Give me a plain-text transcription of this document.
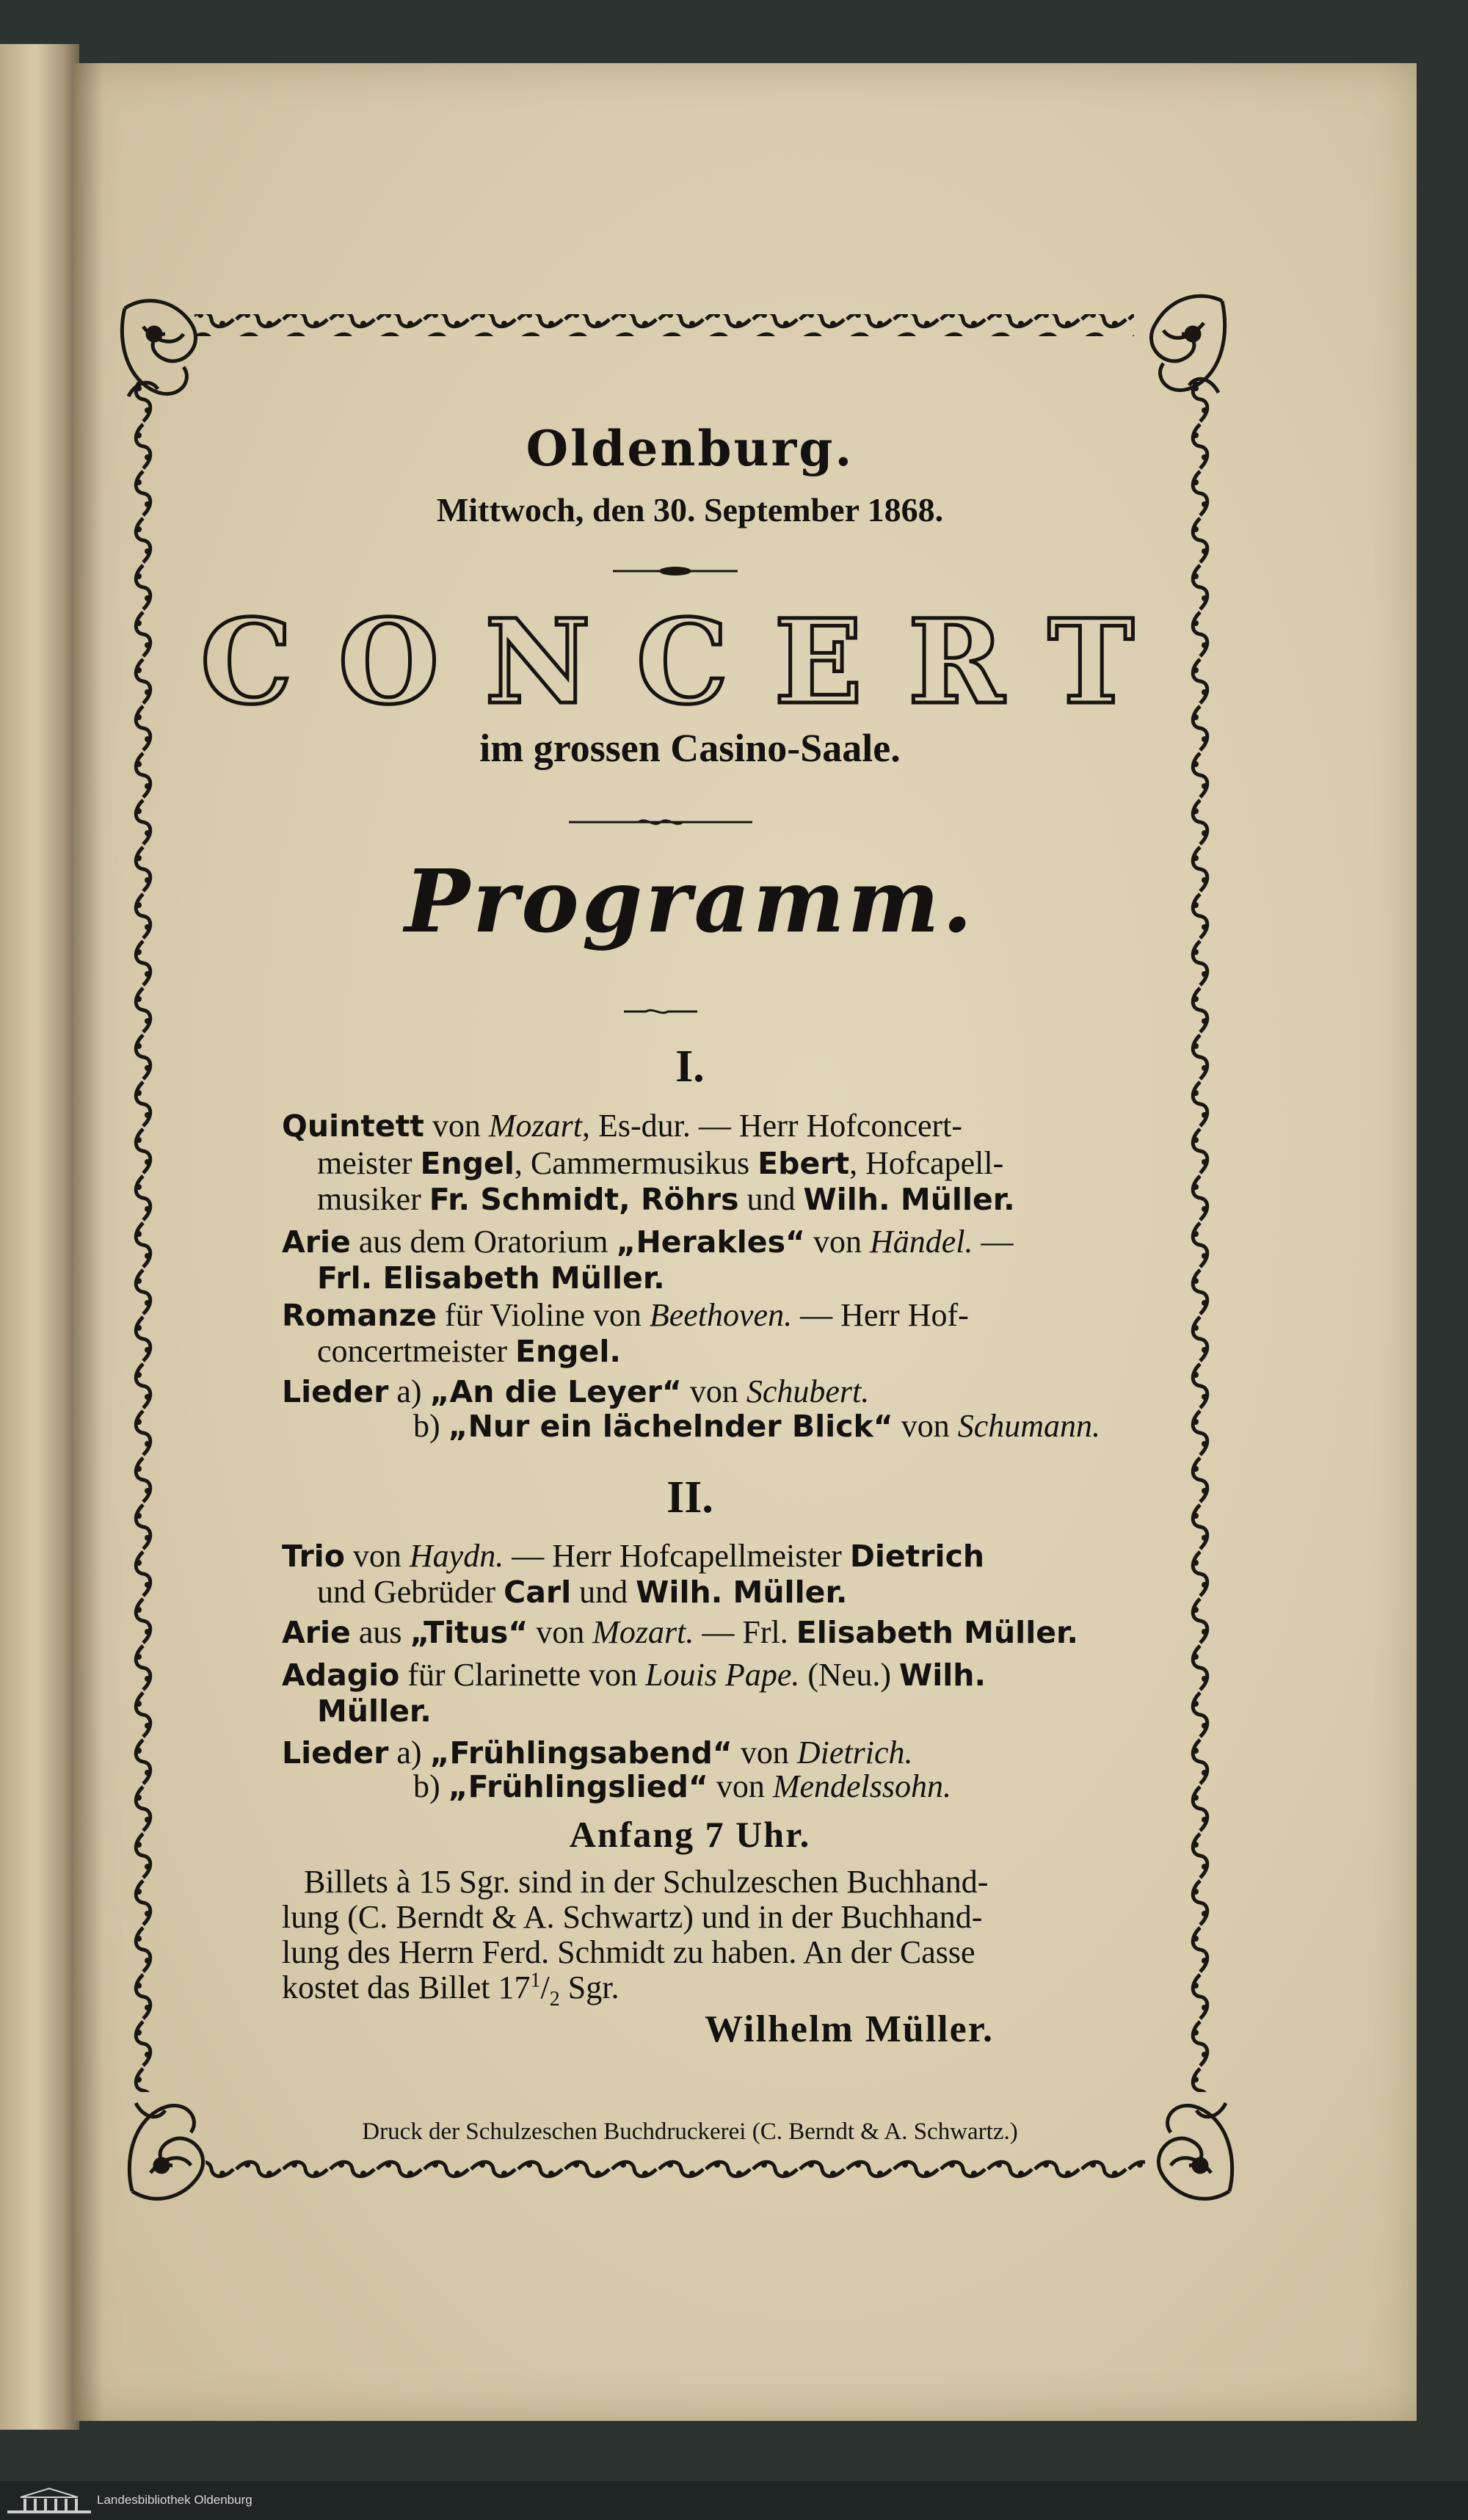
Oldenburg.
Mittwoch, den 30. September 1868.
CONCERT
im grossen Casino-Saale.
Programm.
I.
Quintett von Mozart, Es-dur. — Herr Hofconcert-
meister Engel, Cammermusikus Ebert, Hofcapell-
musiker Fr. Schmidt, Röhrs und Wilh. Müller.
Arie aus dem Oratorium „Herakles“ von Händel. —
Frl. Elisabeth Müller.
Romanze für Violine von Beethoven. — Herr Hof-
concertmeister Engel.
Lieder a) „An die Leyer“ von Schubert.
b) „Nur ein lächelnder Blick“ von Schumann.
II.
Trio von Haydn. — Herr Hofcapellmeister Dietrich
und Gebrüder Carl und Wilh. Müller.
Arie aus „Titus“ von Mozart. — Frl. Elisabeth Müller.
Adagio für Clarinette von Louis Pape. (Neu.) Wilh.
Müller.
Lieder a) „Frühlingsabend“ von Dietrich.
b) „Frühlingslied“ von Mendelssohn.
Anfang 7 Uhr.
Billets à 15 Sgr. sind in der Schulzeschen Buchhand-
lung (C. Berndt & A. Schwartz) und in der Buchhand-
lung des Herrn Ferd. Schmidt zu haben. An der Casse
kostet das Billet $17^1/_2$ Sgr.
Wilhelm Müller.
Druck der Schulzeschen Buchdruckerei (C. Berndt & A. Schwartz.)
Landesbibliothek Oldenburg
